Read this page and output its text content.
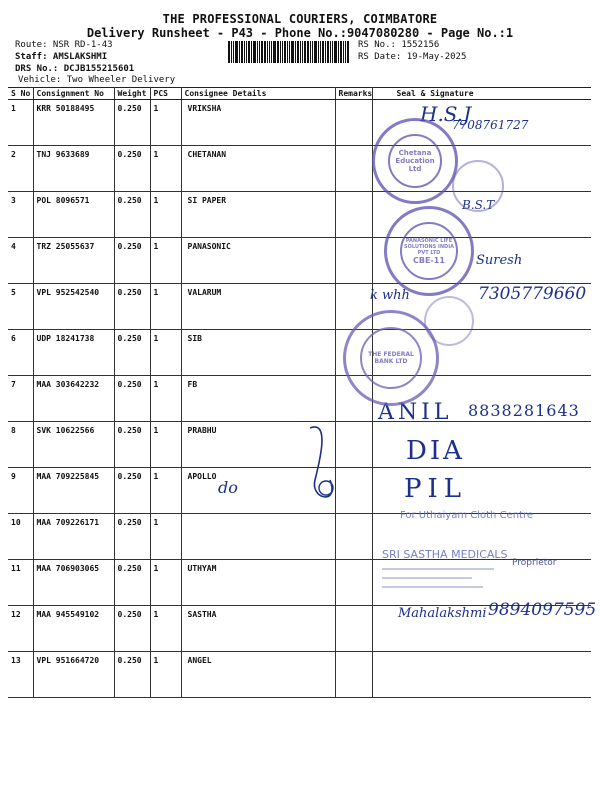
THE PROFESSIONAL COURIERS, COIMBATORE
Delivery Runsheet - P43 - Phone No.:9047080280 - Page No.:1
Route: NSR RD-1-43
Staff: AMSLAKSHMI
DRS No.: DCJB155215601
Vehicle: Two Wheeler Delivery
RS No.: 1552156
RS Date: 19-May-2025
S No	Consignment No	Weight	PCS	Consignee Details	Remarks	Seal & Signature
1	KRR 50188495	0.250	1	VRIKSHA		
2	TNJ 9633689	0.250	1	CHETANAN		
3	POL 8096571	0.250	1	SI PAPER		
4	TRZ 25055637	0.250	1	PANASONIC		
5	VPL 952542540	0.250	1	VALARUM		
6	UDP 18241738	0.250	1	SIB		
7	MAA 303642232	0.250	1	FB		
8	SVK 10622566	0.250	1	PRABHU		
9	MAA 709225845	0.250	1	APOLLO		
10	MAA 709226171	0.250	1			
11	MAA 706903065	0.250	1	UTHYAM		
12	MAA 945549102	0.250	1	SASTHA		
13	VPL 951664720	0.250	1	ANGEL		
H.S.J
7708761727
B.S.T
Suresh
k whh	7305779660
ANIL 8838281643
DIA
PIL
do
Mahalakshmi 9894097595
Chetana Education Ltd
PANASONIC LIFE SOLUTIONS INDIA PVT LTD
CBE-11
THE FEDERAL BANK LTD
For Uthaiyam Cloth Centre
SRI SASTHA MEDICALS
Proprietor
